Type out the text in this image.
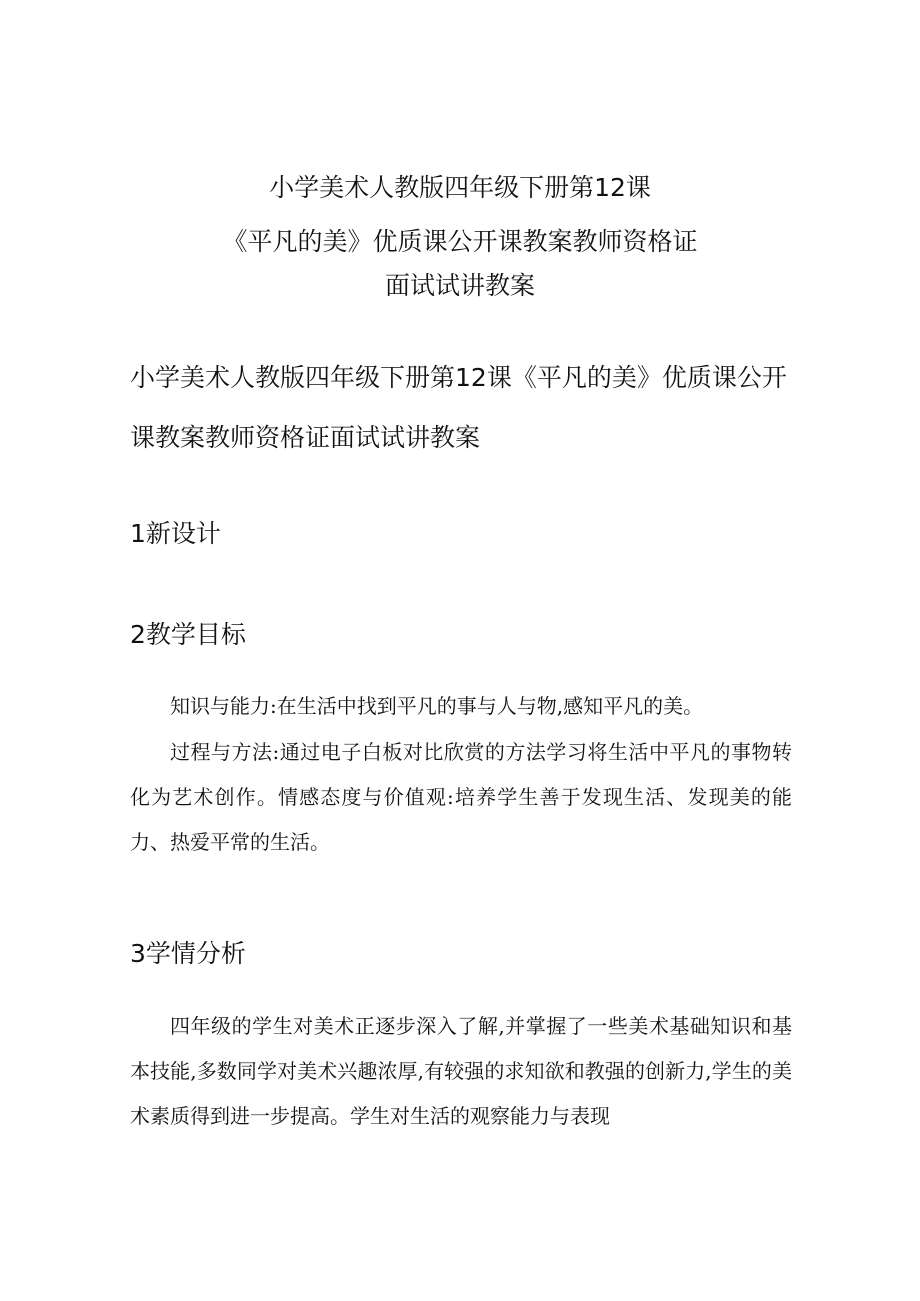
小学美术人教版四年级下册第12课
《平凡的美》优质课公开课教案教师资格证
面试试讲教案
小学美术人教版四年级下册第12课《平凡的美》优质课公开课教案教师资格证面试试讲教案
1新设计
2教学目标
知识与能力:在生活中找到平凡的事与人与物,感知平凡的美。
过程与方法:通过电子白板对比欣赏的方法学习将生活中平凡的事物转化为艺术创作。情感态度与价值观:培养学生善于发现生活、发现美的能力、热爱平常的生活。
3学情分析
四年级的学生对美术正逐步深入了解,并掌握了一些美术基础知识和基本技能,多数同学对美术兴趣浓厚,有较强的求知欲和教强的创新力,学生的美术素质得到进一步提高。学生对生活的观察能力与表现
